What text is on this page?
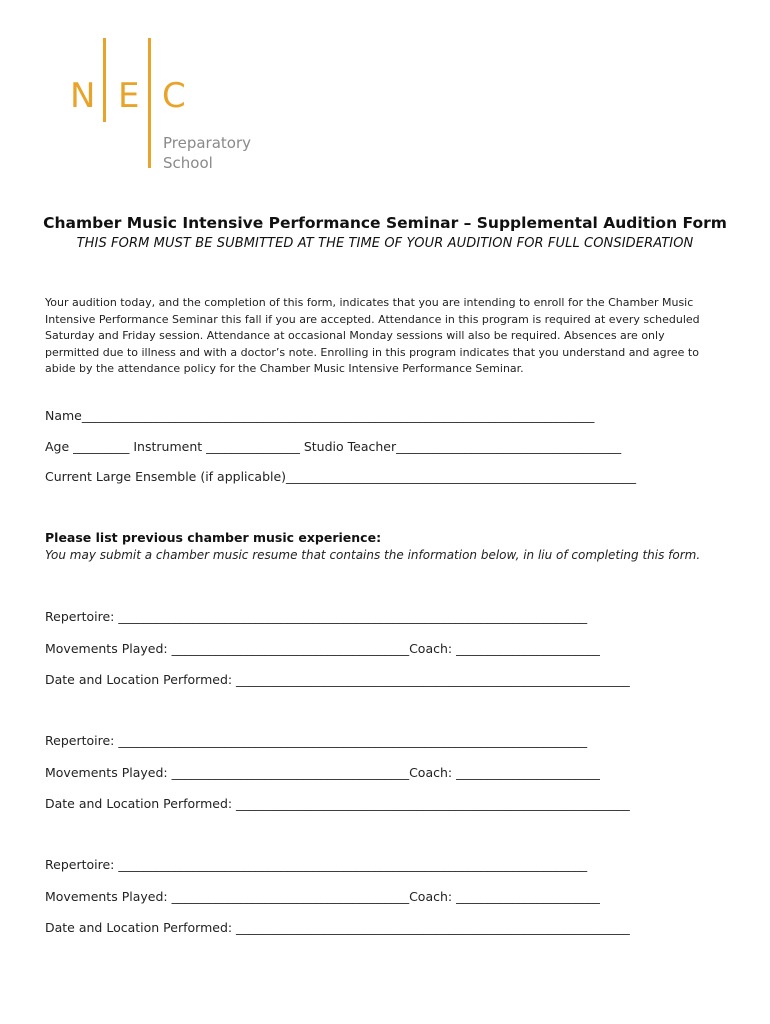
N E C
Preparatory
School
Chamber Music Intensive Performance Seminar – Supplemental Audition Form
THIS FORM MUST BE SUBMITTED AT THE TIME OF YOUR AUDITION FOR FULL CONSIDERATION
Your audition today, and the completion of this form, indicates that you are intending to enroll for the Chamber Music
Intensive Performance Seminar this fall if you are accepted. Attendance in this program is required at every scheduled
Saturday and Friday session. Attendance at occasional Monday sessions will also be required. Absences are only
permitted due to illness and with a doctor’s note. Enrolling in this program indicates that you understand and agree to
abide by the attendance policy for the Chamber Music Intensive Performance Seminar.
Name__________________________________________________________________________________
Age _________ Instrument _______________ Studio Teacher____________________________________
Current Large Ensemble (if applicable)________________________________________________________
Please list previous chamber music experience:
You may submit a chamber music resume that contains the information below, in liu of completing this form.
Repertoire: ___________________________________________________________________________
Movements Played: ______________________________________Coach: _______________________
Date and Location Performed: _______________________________________________________________
Repertoire: ___________________________________________________________________________
Movements Played: ______________________________________Coach: _______________________
Date and Location Performed: _______________________________________________________________
Repertoire: ___________________________________________________________________________
Movements Played: ______________________________________Coach: _______________________
Date and Location Performed: _______________________________________________________________
